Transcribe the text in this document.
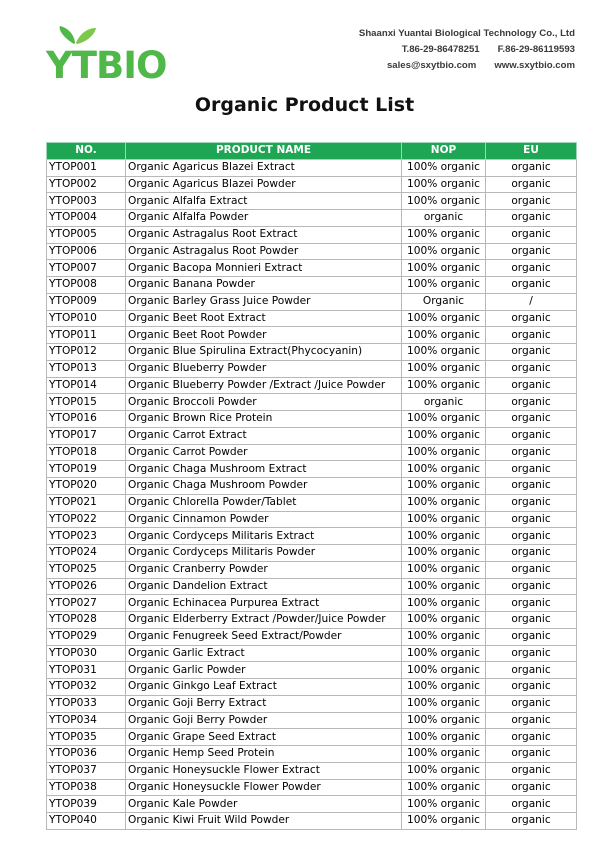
YTBIO
Shaanxi Yuantai Biological Technology Co., Ltd
T.86-29-86478251 F.86-29-86119593
sales@sxytbio.com www.sxytbio.com
Organic Product List
NO.	PRODUCT NAME	NOP	EU
YTOP001	Organic Agaricus Blazei Extract	100% organic	organic
YTOP002	Organic Agaricus Blazei Powder	100% organic	organic
YTOP003	Organic Alfalfa Extract	100% organic	organic
YTOP004	Organic Alfalfa Powder	organic	organic
YTOP005	Organic Astragalus Root Extract	100% organic	organic
YTOP006	Organic Astragalus Root Powder	100% organic	organic
YTOP007	Organic Bacopa Monnieri Extract	100% organic	organic
YTOP008	Organic Banana Powder	100% organic	organic
YTOP009	Organic Barley Grass Juice Powder	Organic	/
YTOP010	Organic Beet Root Extract	100% organic	organic
YTOP011	Organic Beet Root Powder	100% organic	organic
YTOP012	Organic Blue Spirulina Extract(Phycocyanin)	100% organic	organic
YTOP013	Organic Blueberry Powder	100% organic	organic
YTOP014	Organic Blueberry Powder /Extract /Juice Powder	100% organic	organic
YTOP015	Organic Broccoli Powder	organic	organic
YTOP016	Organic Brown Rice Protein	100% organic	organic
YTOP017	Organic Carrot Extract	100% organic	organic
YTOP018	Organic Carrot Powder	100% organic	organic
YTOP019	Organic Chaga Mushroom Extract	100% organic	organic
YTOP020	Organic Chaga Mushroom Powder	100% organic	organic
YTOP021	Organic Chlorella Powder/Tablet	100% organic	organic
YTOP022	Organic Cinnamon Powder	100% organic	organic
YTOP023	Organic Cordyceps Militaris Extract	100% organic	organic
YTOP024	Organic Cordyceps Militaris Powder	100% organic	organic
YTOP025	Organic Cranberry Powder	100% organic	organic
YTOP026	Organic Dandelion Extract	100% organic	organic
YTOP027	Organic Echinacea Purpurea Extract	100% organic	organic
YTOP028	Organic Elderberry Extract /Powder/Juice Powder	100% organic	organic
YTOP029	Organic Fenugreek Seed Extract/Powder	100% organic	organic
YTOP030	Organic Garlic Extract	100% organic	organic
YTOP031	Organic Garlic Powder	100% organic	organic
YTOP032	Organic Ginkgo Leaf Extract	100% organic	organic
YTOP033	Organic Goji Berry Extract	100% organic	organic
YTOP034	Organic Goji Berry Powder	100% organic	organic
YTOP035	Organic Grape Seed Extract	100% organic	organic
YTOP036	Organic Hemp Seed Protein	100% organic	organic
YTOP037	Organic Honeysuckle Flower Extract	100% organic	organic
YTOP038	Organic Honeysuckle Flower Powder	100% organic	organic
YTOP039	Organic Kale Powder	100% organic	organic
YTOP040	Organic Kiwi Fruit Wild Powder	100% organic	organic
